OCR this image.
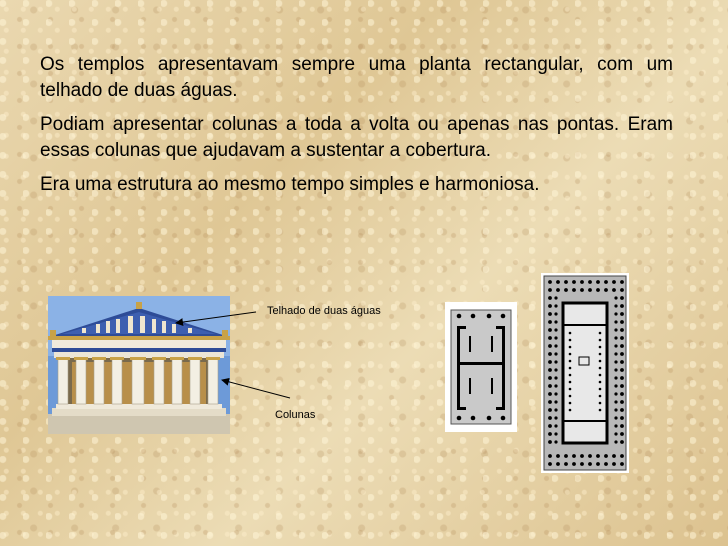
Os templos apresentavam sempre uma planta rectangular, com um telhado de duas águas.

Podiam apresentar colunas a toda a volta ou apenas nas pontas. Eram essas colunas que ajudavam a sustentar a cobertura.

Era uma estrutura ao mesmo tempo simples e harmoniosa.

Telhado de duas águas
Colunas
